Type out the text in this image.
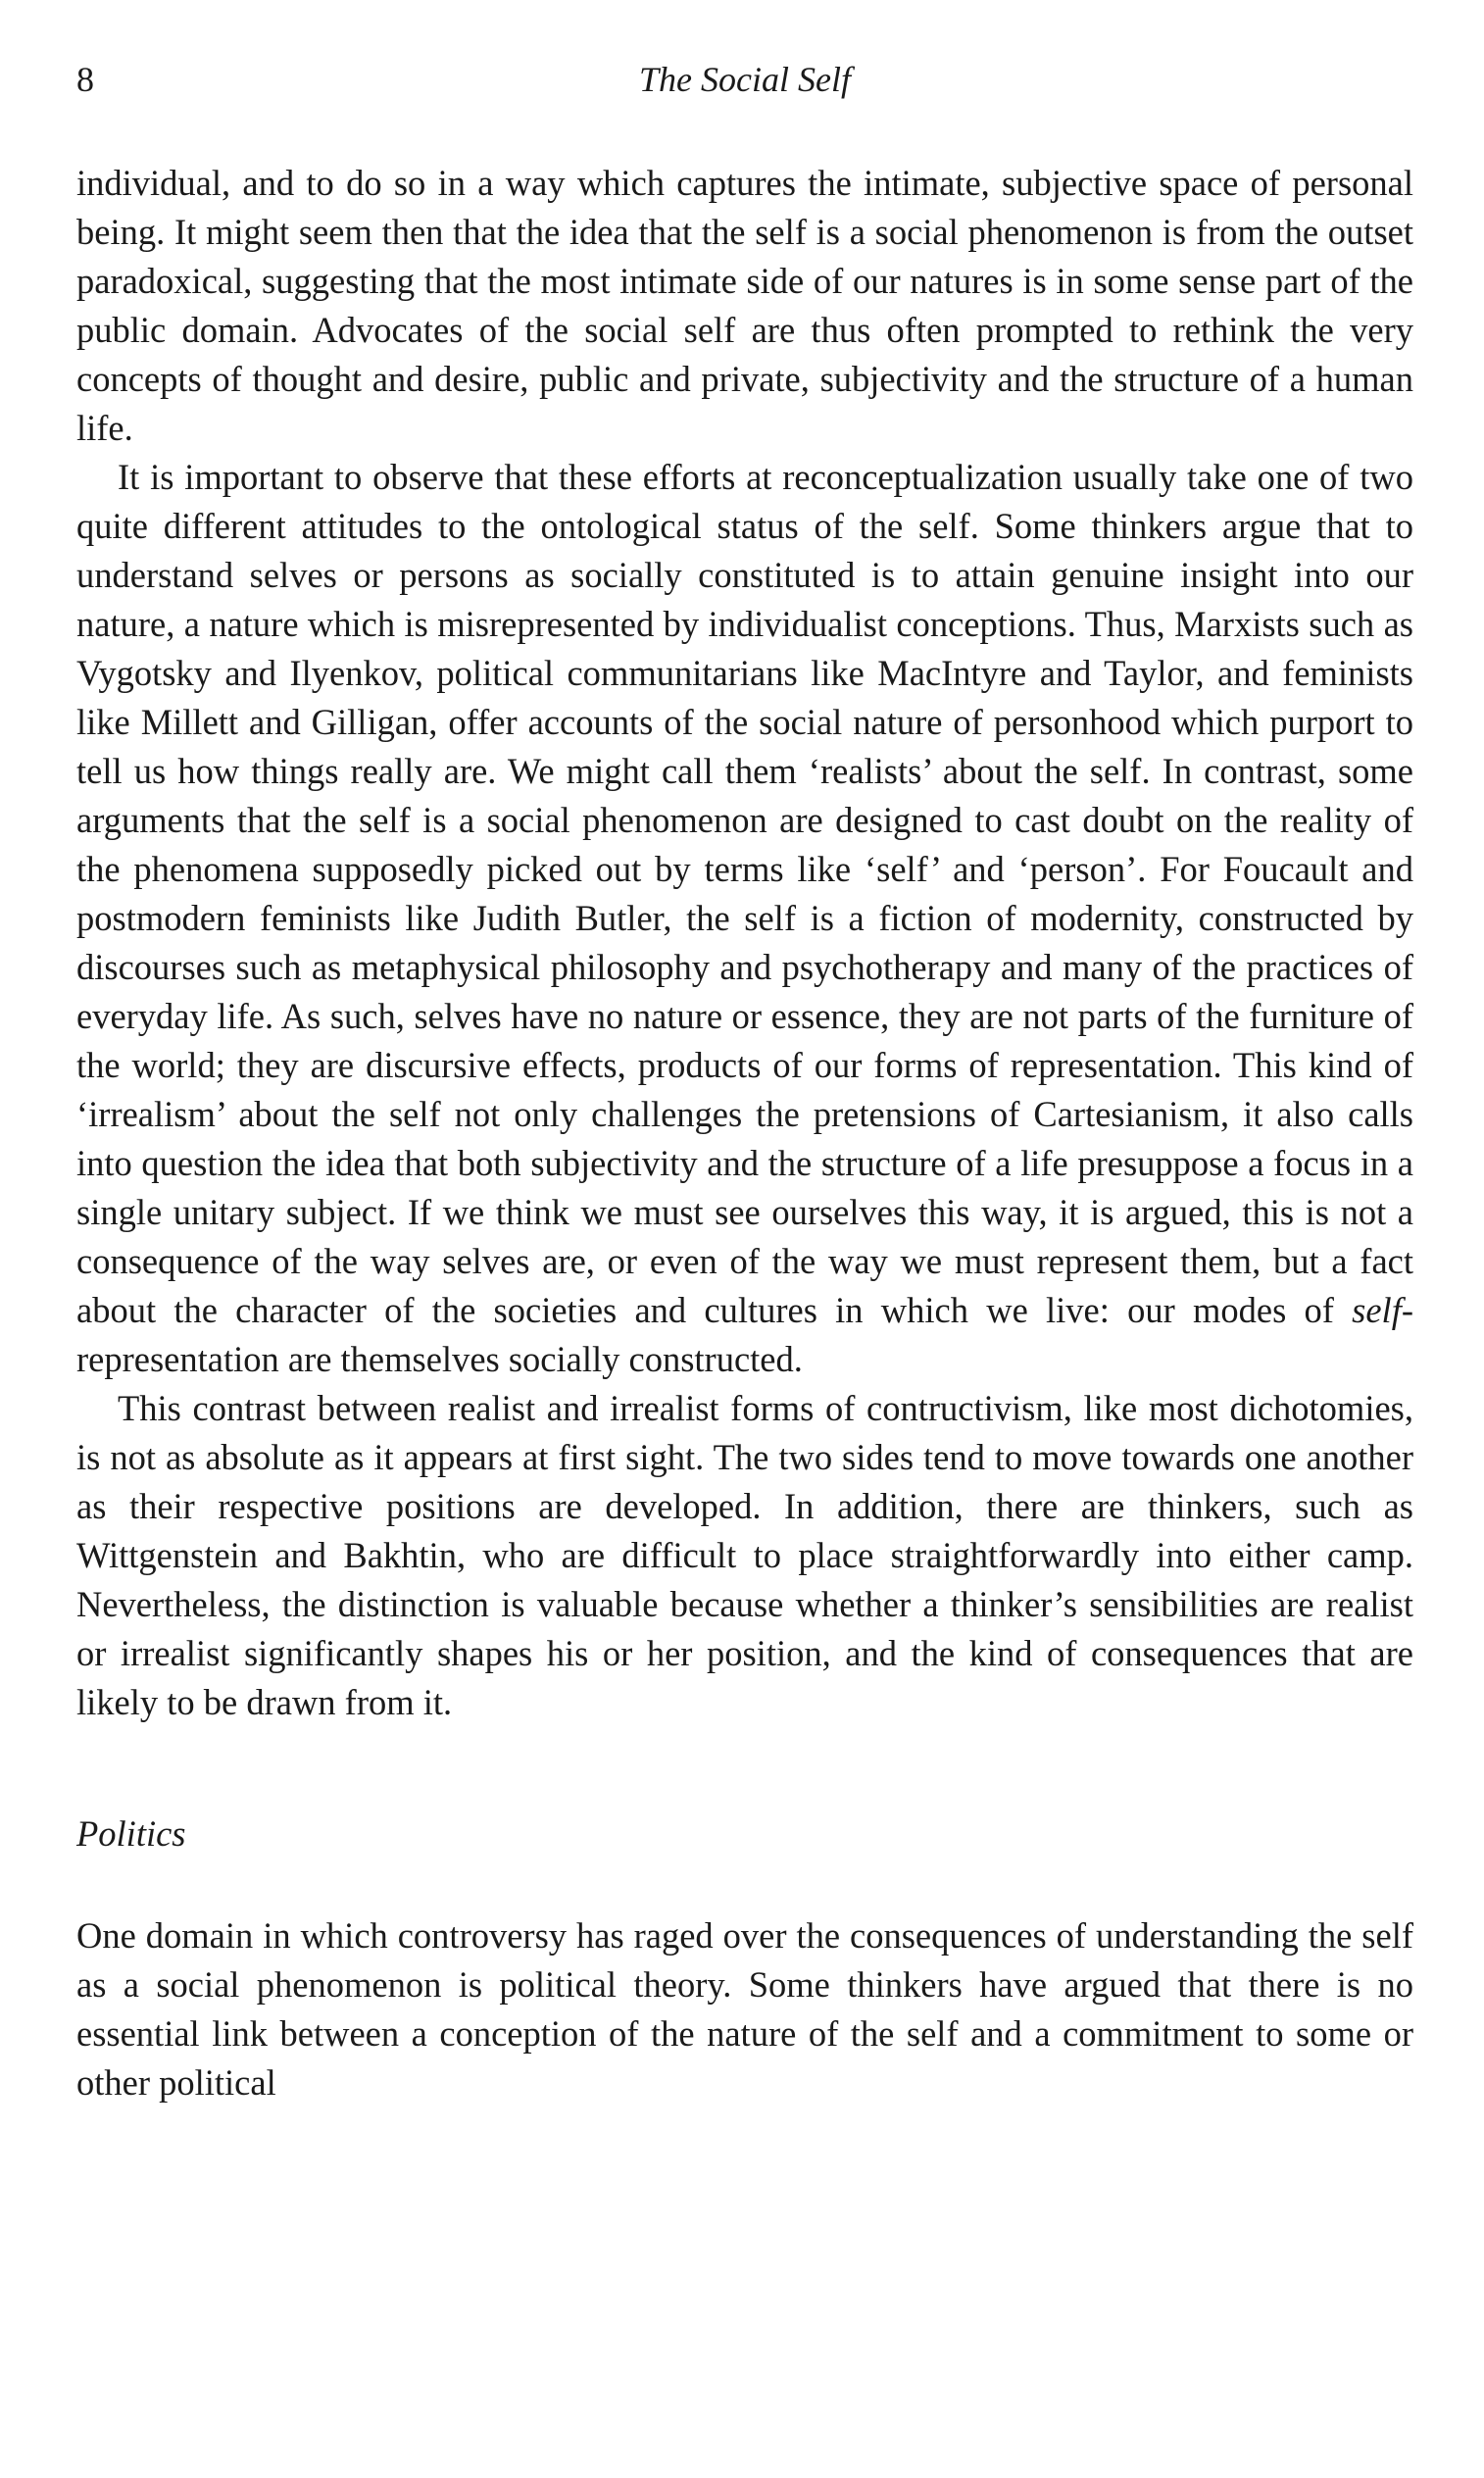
8	The Social Self

individual, and to do so in a way which captures the intimate, subjective space of personal being. It might seem then that the idea that the self is a social phenomenon is from the outset paradoxical, suggesting that the most intimate side of our natures is in some sense part of the public domain. Advocates of the social self are thus often prompted to rethink the very concepts of thought and desire, public and private, subjectivity and the structure of a human life.

It is important to observe that these efforts at reconceptualization usually take one of two quite different attitudes to the ontological status of the self. Some thinkers argue that to understand selves or persons as socially constituted is to attain genuine insight into our nature, a nature which is misrepresented by individualist conceptions. Thus, Marxists such as Vygotsky and Ilyenkov, political communitarians like MacIntyre and Taylor, and feminists like Millett and Gilligan, offer accounts of the social nature of personhood which purport to tell us how things really are. We might call them ‘realists’ about the self. In contrast, some arguments that the self is a social phenomenon are designed to cast doubt on the reality of the phenomena supposedly picked out by terms like ‘self’ and ‘person’. For Foucault and postmodern feminists like Judith Butler, the self is a fiction of modernity, constructed by discourses such as metaphysical philosophy and psychotherapy and many of the practices of everyday life. As such, selves have no nature or essence, they are not parts of the furniture of the world; they are discursive effects, products of our forms of representation. This kind of ‘irrealism’ about the self not only challenges the pretensions of Cartesianism, it also calls into question the idea that both subjectivity and the structure of a life presuppose a focus in a single unitary subject. If we think we must see ourselves this way, it is argued, this is not a consequence of the way selves are, or even of the way we must represent them, but a fact about the character of the societies and cultures in which we live: our modes of self-representation are themselves socially constructed.

This contrast between realist and irrealist forms of contructivism, like most dichotomies, is not as absolute as it appears at first sight. The two sides tend to move towards one another as their respective positions are developed. In addition, there are thinkers, such as Wittgenstein and Bakhtin, who are difficult to place straightforwardly into either camp. Nevertheless, the distinction is valuable because whether a thinker’s sensibilities are realist or irrealist significantly shapes his or her position, and the kind of consequences that are likely to be drawn from it.

Politics

One domain in which controversy has raged over the consequences of understanding the self as a social phenomenon is political theory. Some thinkers have argued that there is no essential link between a conception of the nature of the self and a commitment to some or other political
